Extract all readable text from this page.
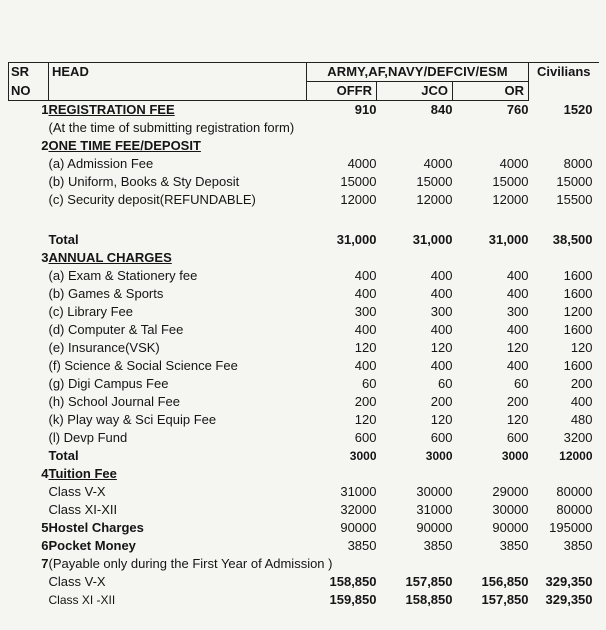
SR	HEAD	ARMY,AF,NAVY/DEFCIV/ESM			Civilians
NO		OFFR	JCO	OR	
1	REGISTRATION FEE	910	840	760	1520
	(At the time of submitting registration form)				
2	ONE TIME FEE/DEPOSIT				
	(a) Admission Fee	4000	4000	4000	8000
	(b) Uniform, Books & Sty Deposit	15000	15000	15000	15000
	(c) Security deposit(REFUNDABLE)	12000	12000	12000	15500

	Total	31,000	31,000	31,000	38,500
3	ANNUAL CHARGES				
	(a) Exam & Stationery fee	400	400	400	1600
	(b) Games & Sports	400	400	400	1600
	(c) Library Fee	300	300	300	1200
	(d) Computer & Tal Fee	400	400	400	1600
	(e) Insurance(VSK)	120	120	120	120
	(f) Science & Social Science Fee	400	400	400	1600
	(g) Digi Campus Fee	60	60	60	200
	(h) School Journal Fee	200	200	200	400
	(k) Play way & Sci Equip Fee	120	120	120	480
	(l) Devp Fund	600	600	600	3200
	Total	3000	3000	3000	12000
4	Tuition Fee				
	Class V-X	31000	30000	29000	80000
	Class XI-XII	32000	31000	30000	80000
5	Hostel Charges	90000	90000	90000	195000
6	Pocket Money	3850	3850	3850	3850
7	(Payable only during the First Year of Admission )				
	Class V-X	158,850	157,850	156,850	329,350
	Class XI -XII	159,850	158,850	157,850	329,350
